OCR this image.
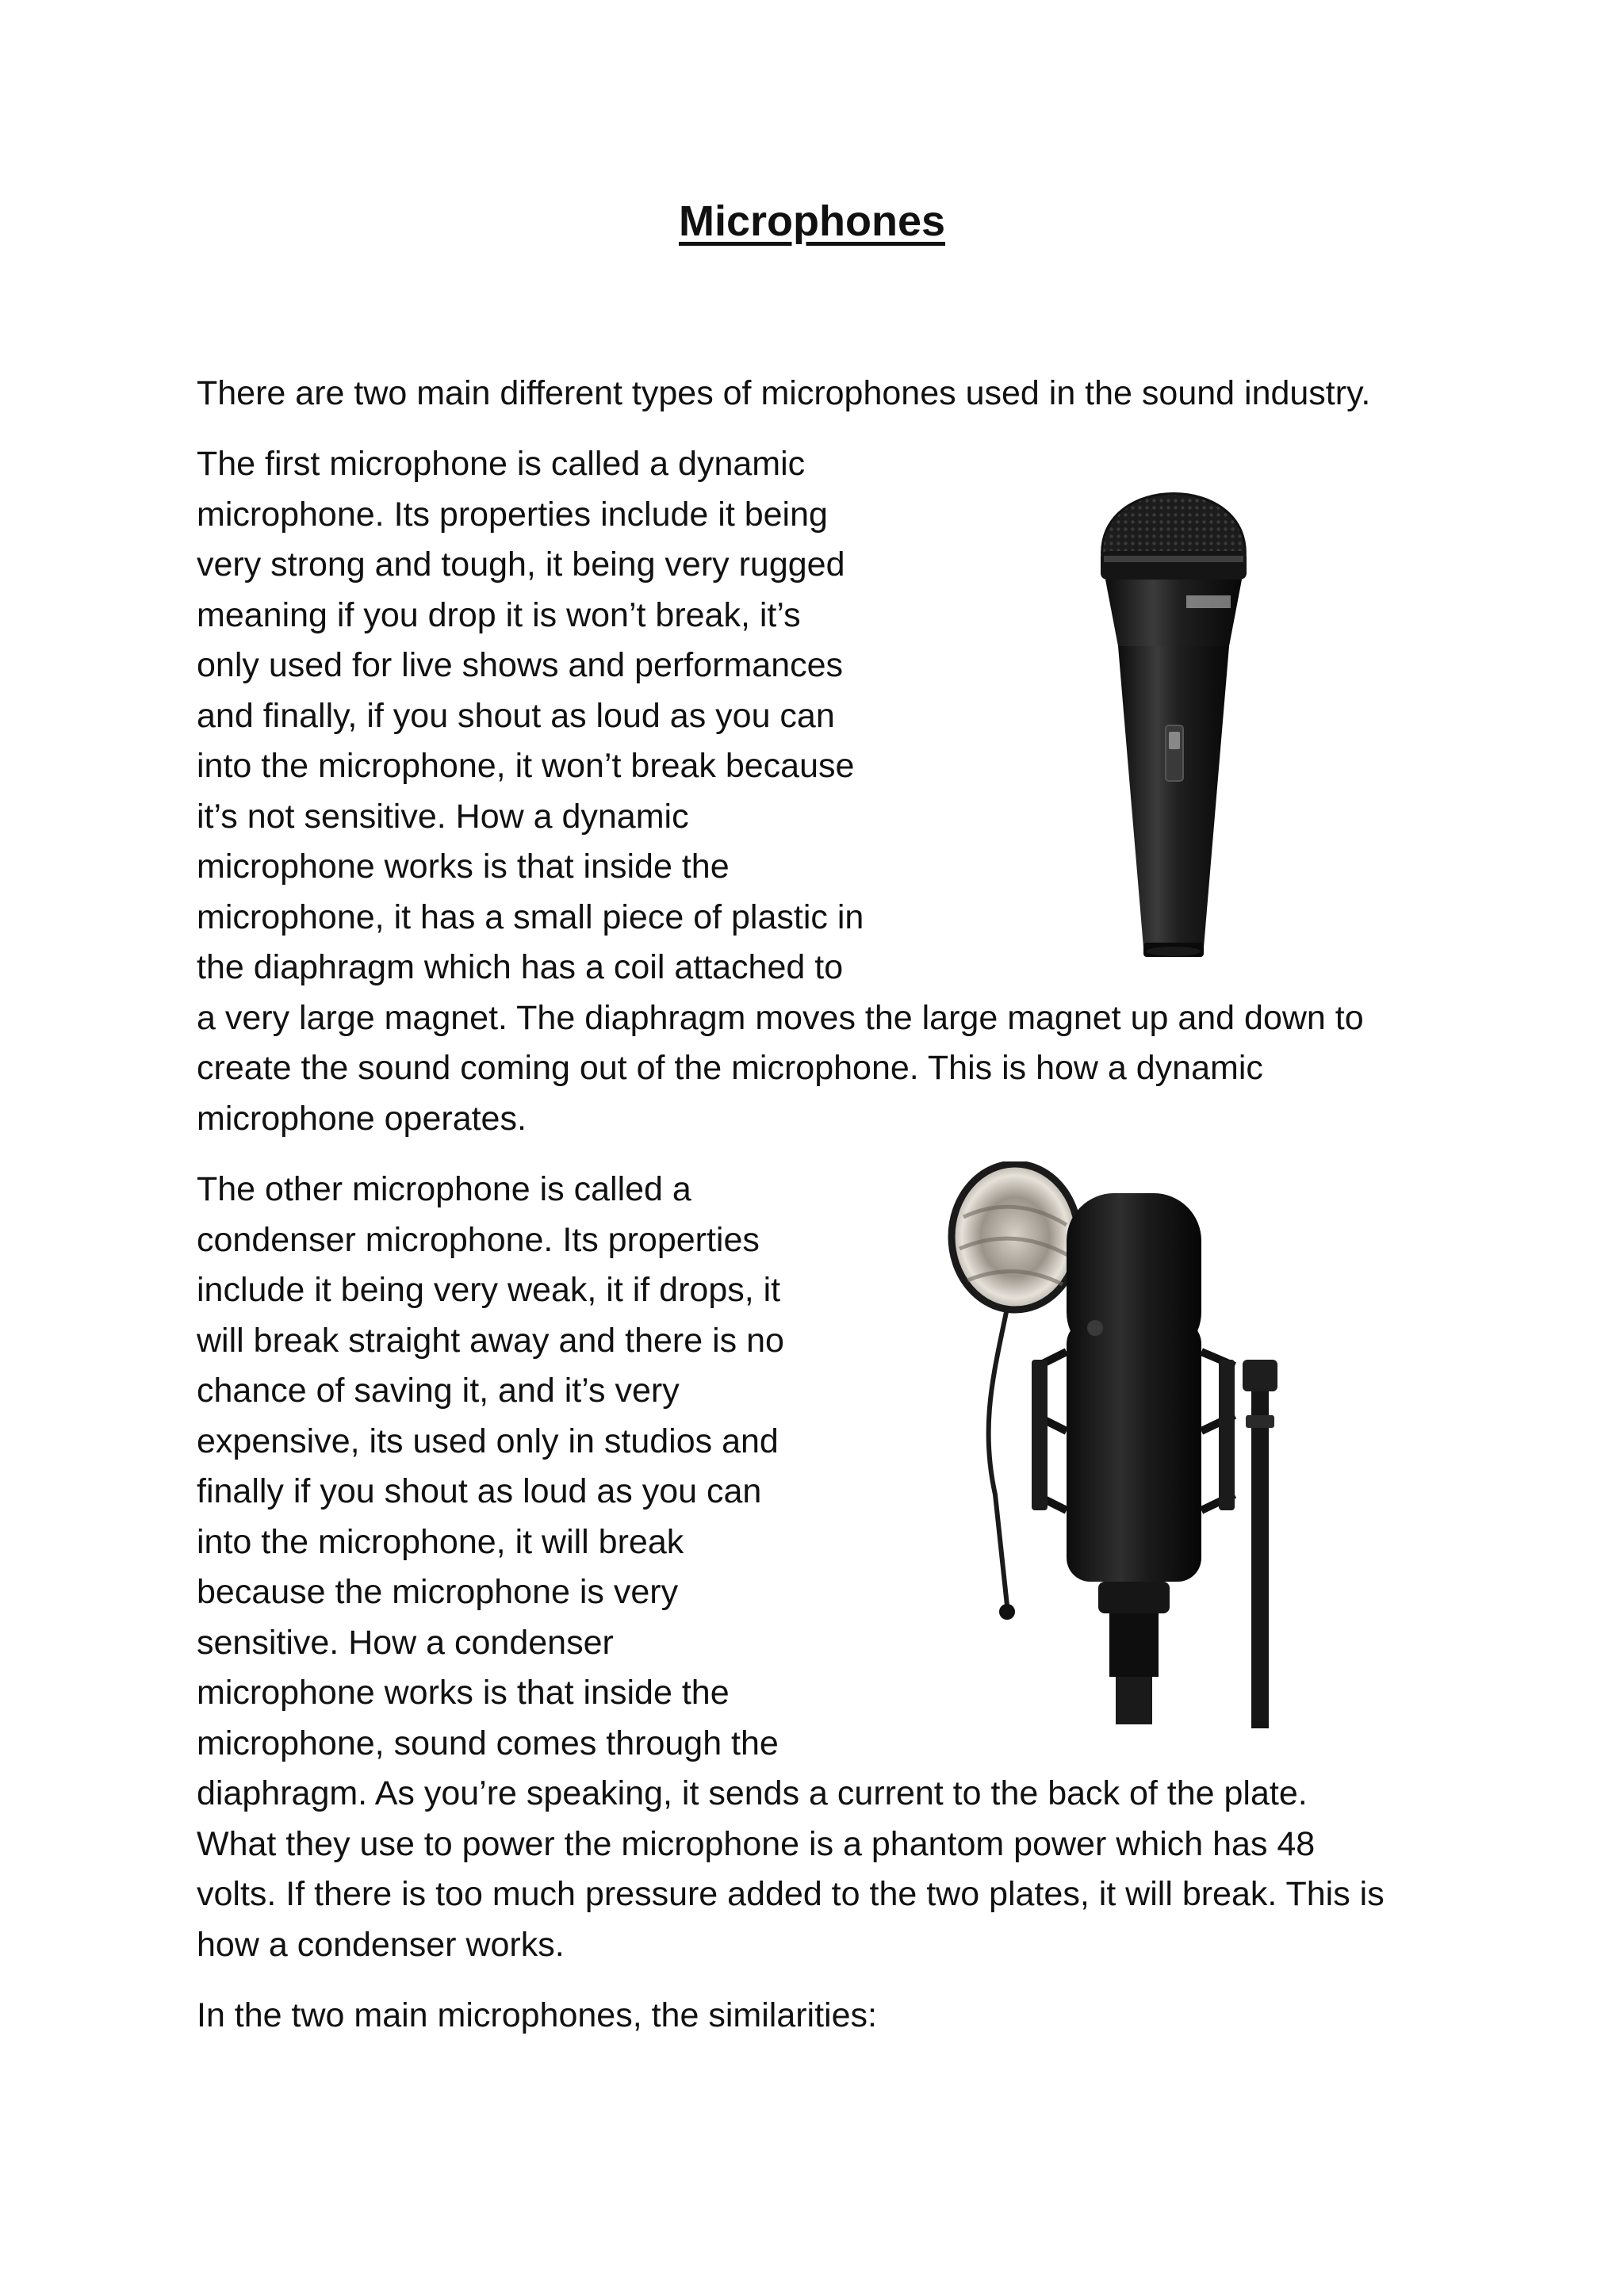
Microphones

There are two main different types of microphones used in the sound industry.

The first microphone is called a dynamic

microphone. Its properties include it being

very strong and tough, it being very rugged

meaning if you drop it is won’t break, it’s

only used for live shows and performances

and finally, if you shout as loud as you can

into the microphone, it won’t break because

it’s not sensitive. How a dynamic

microphone works is that inside the

microphone, it has a small piece of plastic in

the diaphragm which has a coil attached to

a very large magnet. The diaphragm moves the large magnet up and down to

create the sound coming out of the microphone. This is how a dynamic

microphone operates.

The other microphone is called a

condenser microphone. Its properties

include it being very weak, it if drops, it

will break straight away and there is no

chance of saving it, and it’s very

expensive, its used only in studios and

finally if you shout as loud as you can

into the microphone, it will break

because the microphone is very

sensitive. How a condenser

microphone works is that inside the

microphone, sound comes through the

diaphragm. As you’re speaking, it sends a current to the back of the plate.

What they use to power the microphone is a phantom power which has 48

volts. If there is too much pressure added to the two plates, it will break. This is

how a condenser works.

In the two main microphones, the similarities:
